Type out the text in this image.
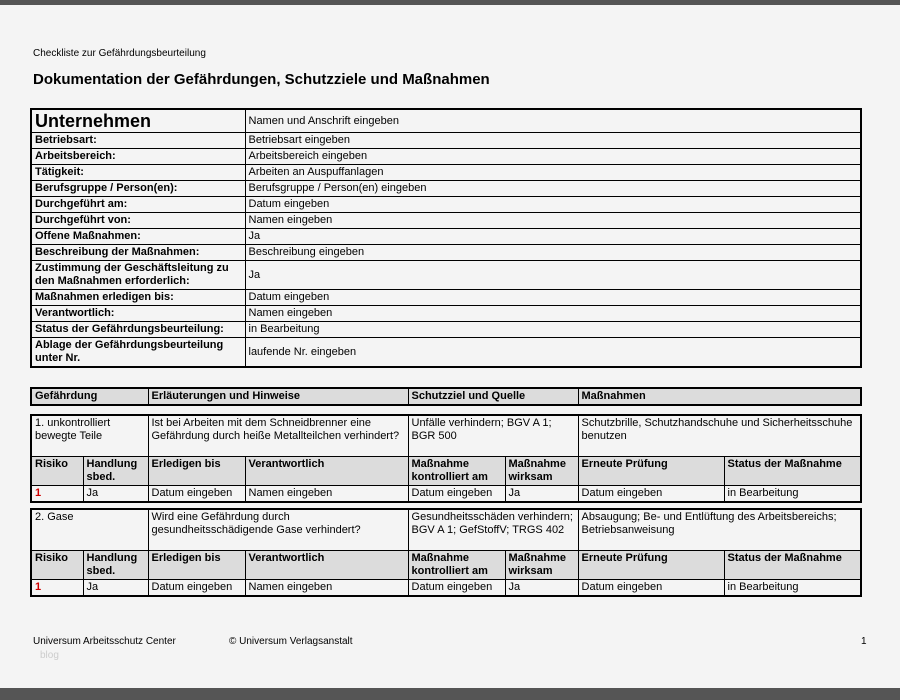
Checkliste zur Gefährdungsbeurteilung
Dokumentation der Gefährdungen, Schutzziele und Maßnahmen
Unternehmen	Namen und Anschrift eingeben
Betriebsart:	Betriebsart eingeben
Arbeitsbereich:	Arbeitsbereich eingeben
Tätigkeit:	Arbeiten an Auspuffanlagen
Berufsgruppe / Person(en):	Berufsgruppe / Person(en) eingeben
Durchgeführt am:	Datum eingeben
Durchgeführt von:	Namen eingeben
Offene Maßnahmen:	Ja
Beschreibung der Maßnahmen:	Beschreibung eingeben
Zustimmung der Geschäftsleitung zu den Maßnahmen erforderlich:	Ja
Maßnahmen erledigen bis:	Datum eingeben
Verantwortlich:	Namen eingeben
Status der Gefährdungsbeurteilung:	in Bearbeitung
Ablage der Gefährdungsbeurteilung unter Nr.	laufende Nr. eingeben
Gefährdung	Erläuterungen und Hinweise	Schutzziel und Quelle	Maßnahmen
1. unkontrolliert bewegte Teile		Ist bei Arbeiten mit dem Schneidbrenner eine Gefährdung durch heiße Metallteilchen verhindert?		Unfälle verhindern; BGV A 1; BGR 500		Schutzbrille, Schutzhandschuhe und Sicherheitsschuhe benutzen	
Risiko	Handlung sbed.	Erledigen bis	Verantwortlich	Maßnahme kontrolliert am	Maßnahme wirksam	Erneute Prüfung	Status der Maßnahme
1	Ja	Datum eingeben	Namen eingeben	Datum eingeben	Ja	Datum eingeben	in Bearbeitung
2. Gase		Wird eine Gefährdung durch gesundheitsschädigende Gase verhindert?		Gesundheitsschäden verhindern; BGV A 1; GefStoffV; TRGS 402		Absaugung; Be- und Entlüftung des Arbeitsbereichs; Betriebsanweisung	
Risiko	Handlung sbed.	Erledigen bis	Verantwortlich	Maßnahme kontrolliert am	Maßnahme wirksam	Erneute Prüfung	Status der Maßnahme
1	Ja	Datum eingeben	Namen eingeben	Datum eingeben	Ja	Datum eingeben	in Bearbeitung
Universum Arbeitsschutz Center	© Universum Verlagsanstalt	1
blog
